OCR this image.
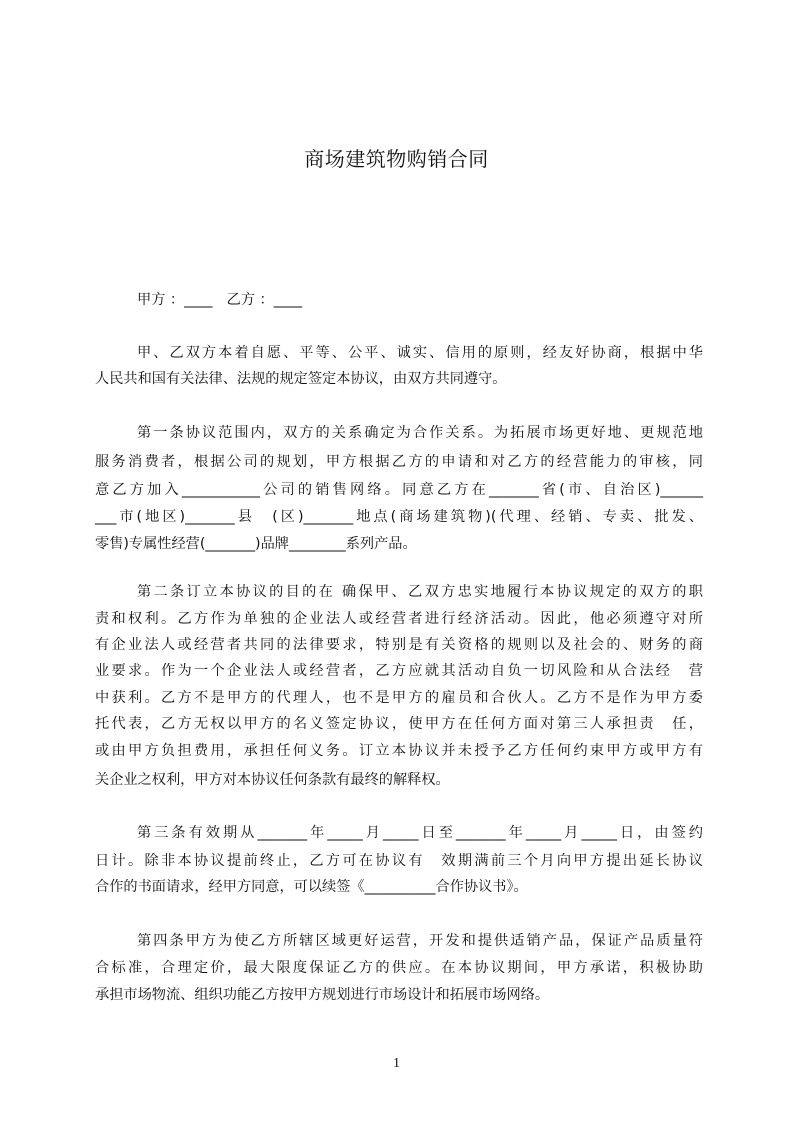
商场建筑物购销合同
甲方 ：____　乙方 ：____
甲、乙双方本着自愿、平等、公平、诚实、信用的原则，经友好协商，根据中华
人民共和国有关法律、法规的规定签定本协议，由双方共同遵守。
第一条协议范围内，双方的关系确定为合作关系。为拓展市场更好地、更规范地
服务消费者，根据公司的规划，甲方根据乙方的申请和对乙方的经营能力的审核，同
意乙方加入___________公司的销售网络。同意乙方在_______省(市、自治区)______
___市(地区)_______县　(区)_______地点(商场建筑物)(代理、经销、专卖、批发、
零售)专属性经营(_______)品牌________系列产品。
第二条订立本协议的目的在 确保甲、乙双方忠实地履行本协议规定的双方的职
责和权利。乙方作为单独的企业法人或经营者进行经济活动。因此，他必须遵守对所
有企业法人或经营者共同的法律要求，特别是有关资格的规则以及社会的、财务的商
业要求。作为一个企业法人或经营者，乙方应就其活动自负一切风险和从合法经　营
中获利。乙方不是甲方的代理人，也不是甲方的雇员和合伙人。乙方不是作为甲方委
托代表，乙方无权以甲方的名义签定协议，使甲方在任何方面对第三人承担责　任，
或由甲方负担费用，承担任何义务。订立本协议并未授予乙方任何约束甲方或甲方有
关企业之权利，甲方对本协议任何条款有最终的解释权。
第三条有效期从_______年_____月_____日至_______年_____月_____日，由签约
日计。除非本协议提前终止，乙方可在协议有　效期满前三个月向甲方提出延长协议
合作的书面请求，经甲方同意，可以续签《__________合作协议书》。
第四条甲方为使乙方所辖区域更好运营，开发和提供适销产品，保证产品质量符
合标准，合理定价，最大限度保证乙方的供应。在本协议期间，甲方承诺，积极协助
承担市场物流、组织功能乙方按甲方规划进行市场设计和拓展市场网络。
1
